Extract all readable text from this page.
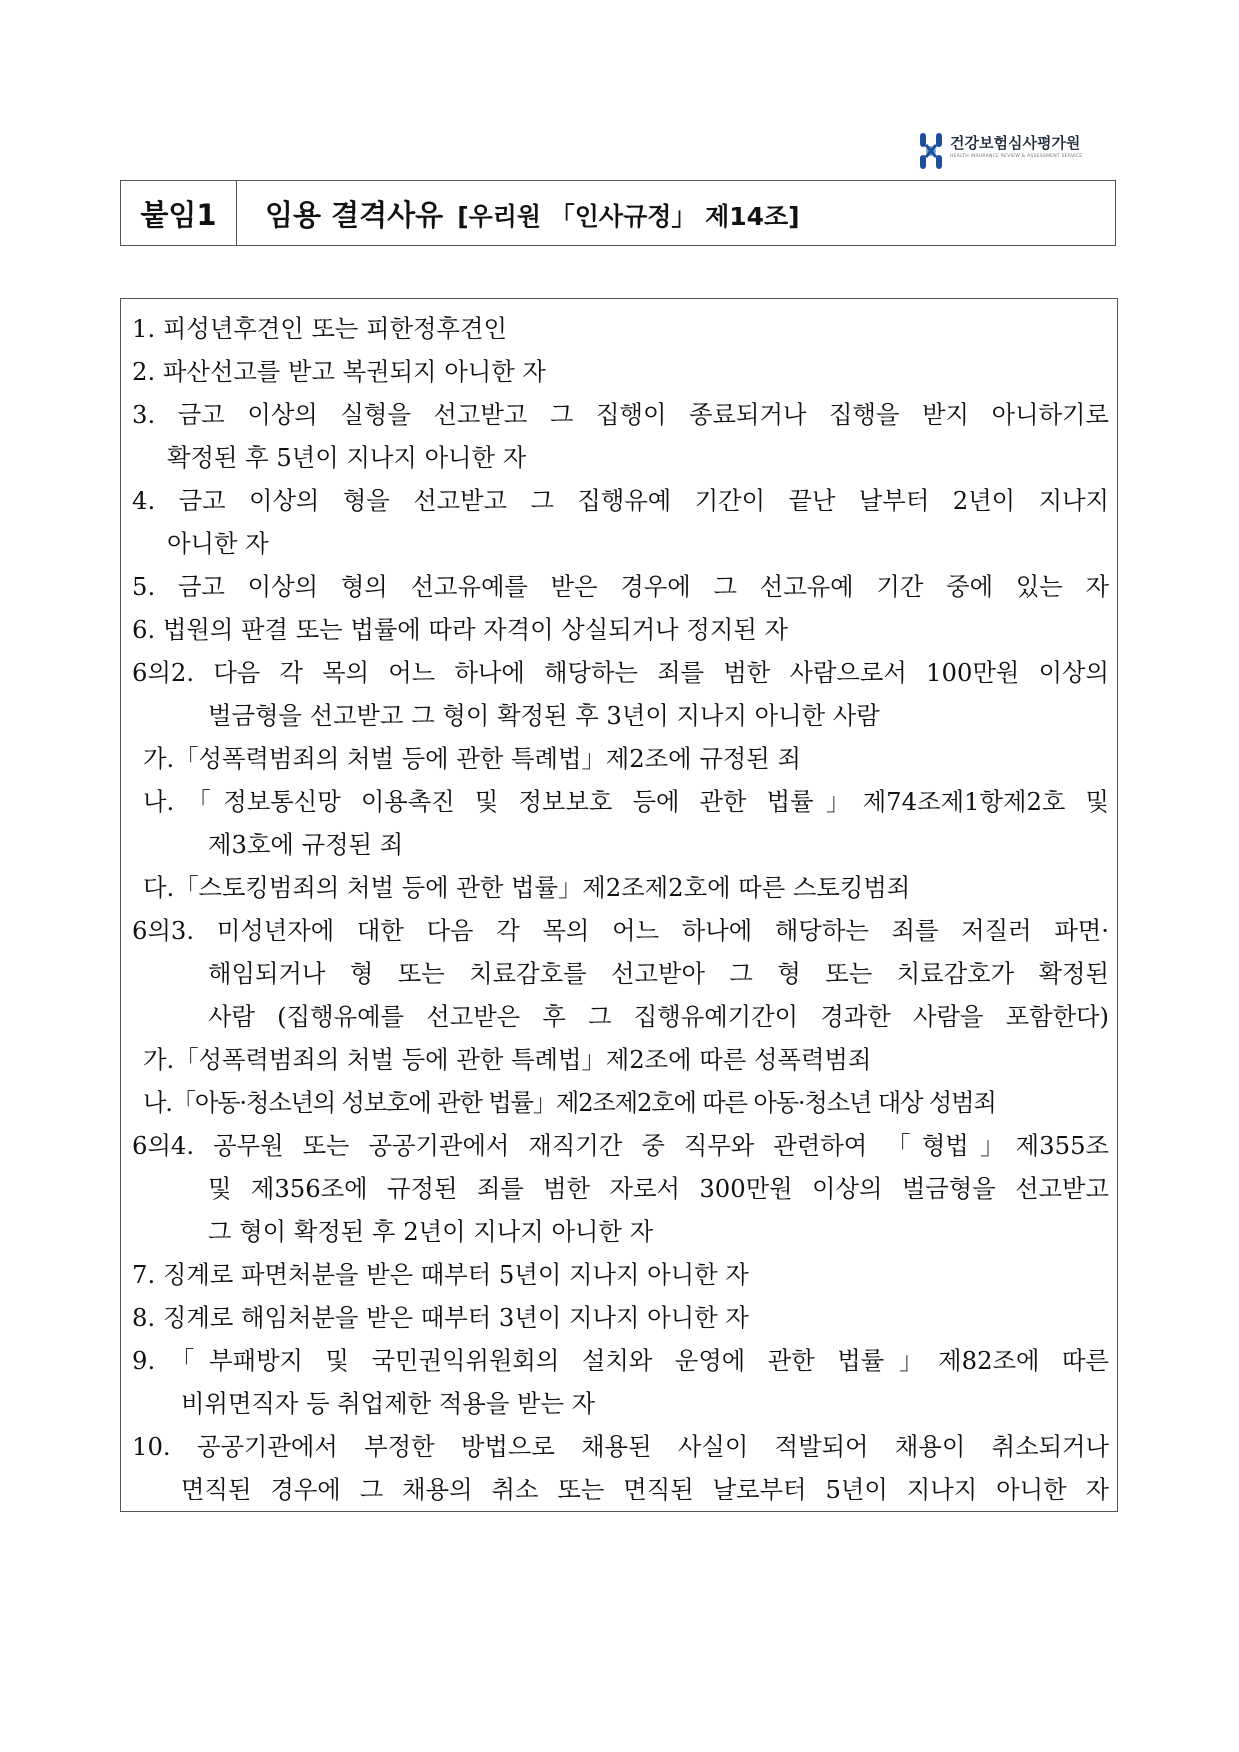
건강보험심사평가원
HEALTH INSURANCE REVIEW & ASSESSMENT SERVICE
붙임1	임용 결격사유 [우리원 「인사규정」 제14조]
1. 피성년후견인 또는 피한정후견인
2. 파산선고를 받고 복권되지 아니한 자
3. 금고 이상의 실형을 선고받고 그 집행이 종료되거나 집행을 받지 아니하기로
확정된 후 5년이 지나지 아니한 자
4. 금고 이상의 형을 선고받고 그 집행유예 기간이 끝난 날부터 2년이 지나지
아니한 자
5. 금고 이상의 형의 선고유예를 받은 경우에 그 선고유예 기간 중에 있는 자
6. 법원의 판결 또는 법률에 따라 자격이 상실되거나 정지된 자
6의2. 다음 각 목의 어느 하나에 해당하는 죄를 범한 사람으로서 100만원 이상의
벌금형을 선고받고 그 형이 확정된 후 3년이 지나지 아니한 사람
가.「성폭력범죄의 처벌 등에 관한 특례법」제2조에 규정된 죄
나.「정보통신망 이용촉진 및 정보보호 등에 관한 법률」제74조제1항제2호 및
제3호에 규정된 죄
다.「스토킹범죄의 처벌 등에 관한 법률」제2조제2호에 따른 스토킹범죄
6의3. 미성년자에 대한 다음 각 목의 어느 하나에 해당하는 죄를 저질러 파면·
해임되거나 형 또는 치료감호를 선고받아 그 형 또는 치료감호가 확정된
사람 (집행유예를 선고받은 후 그 집행유예기간이 경과한 사람을 포함한다)
가.「성폭력범죄의 처벌 등에 관한 특례법」제2조에 따른 성폭력범죄
나.「아동·청소년의 성보호에 관한 법률」제2조제2호에 따른 아동·청소년 대상 성범죄
6의4. 공무원 또는 공공기관에서 재직기간 중 직무와 관련하여 「형법」제355조
및 제356조에 규정된 죄를 범한 자로서 300만원 이상의 벌금형을 선고받고
그 형이 확정된 후 2년이 지나지 아니한 자
7. 징계로 파면처분을 받은 때부터 5년이 지나지 아니한 자
8. 징계로 해임처분을 받은 때부터 3년이 지나지 아니한 자
9.「부패방지 및 국민권익위원회의 설치와 운영에 관한 법률」제82조에 따른
비위면직자 등 취업제한 적용을 받는 자
10. 공공기관에서 부정한 방법으로 채용된 사실이 적발되어 채용이 취소되거나
면직된 경우에 그 채용의 취소 또는 면직된 날로부터 5년이 지나지 아니한 자
